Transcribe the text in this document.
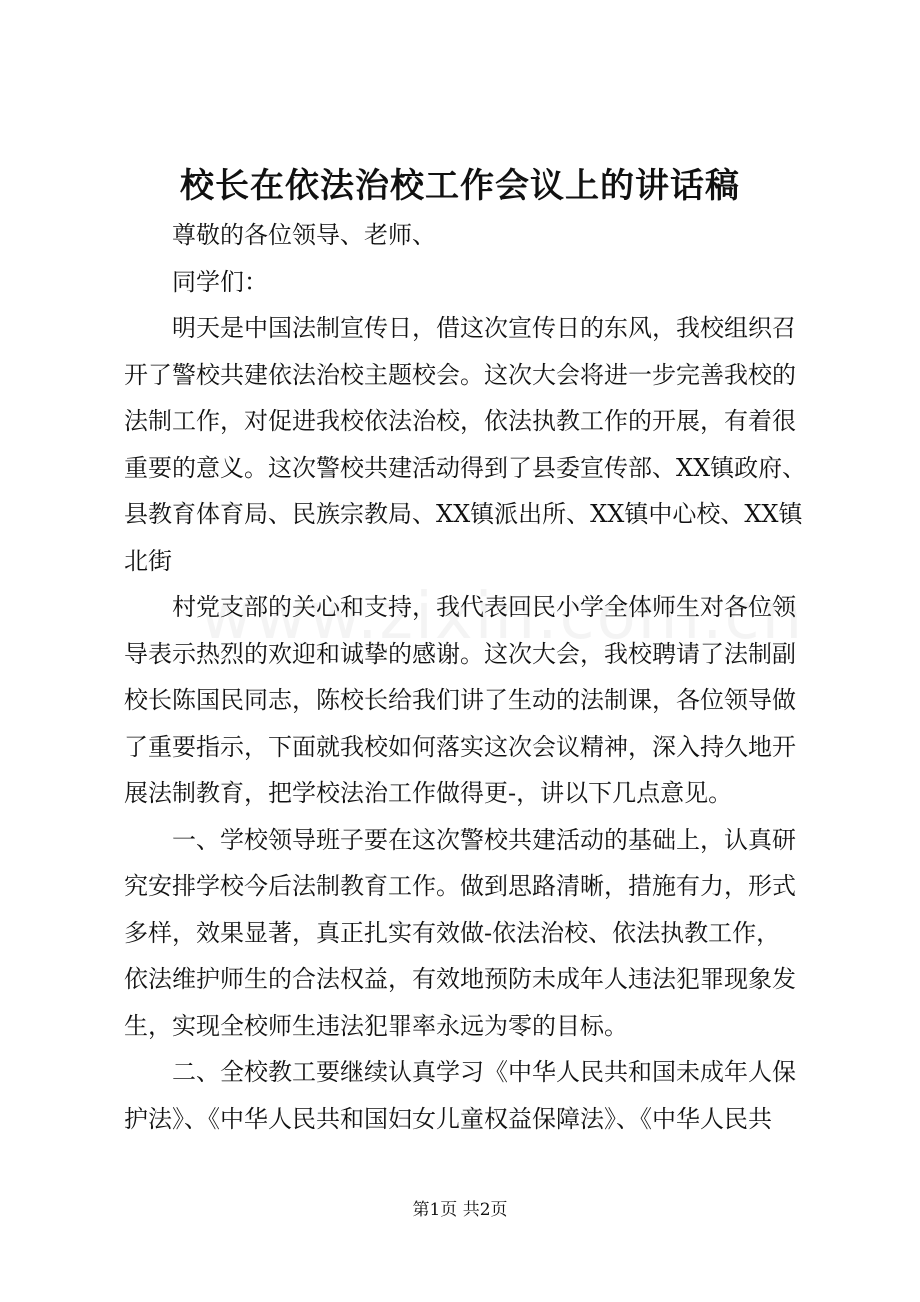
校长在依法治校工作会议上的讲话稿

尊敬的各位领导、老师、

同学们：

明天是中国法制宣传日，借这次宣传日的东风，我校组织召

开了警校共建依法治校主题校会。这次大会将进一步完善我校的

法制工作，对促进我校依法治校，依法执教工作的开展，有着很

重要的意义。这次警校共建活动得到了县委宣传部、XX镇政府、

县教育体育局、民族宗教局、XX镇派出所、XX镇中心校、XX镇

北街

村党支部的关心和支持，我代表回民小学全体师生对各位领

导表示热烈的欢迎和诚挚的感谢。这次大会，我校聘请了法制副

校长陈国民同志，陈校长给我们讲了生动的法制课，各位领导做

了重要指示，下面就我校如何落实这次会议精神，深入持久地开

展法制教育，把学校法治工作做得更-，讲以下几点意见。

一、学校领导班子要在这次警校共建活动的基础上，认真研

究安排学校今后法制教育工作。做到思路清晰，措施有力，形式

多样，效果显著，真正扎实有效做-依法治校、依法执教工作，

依法维护师生的合法权益，有效地预防未成年人违法犯罪现象发

生，实现全校师生违法犯罪率永远为零的目标。

二、全校教工要继续认真学习《中华人民共和国未成年人保

护法》、《中华人民共和国妇女儿童权益保障法》、《中华人民共

第1页 共2页
